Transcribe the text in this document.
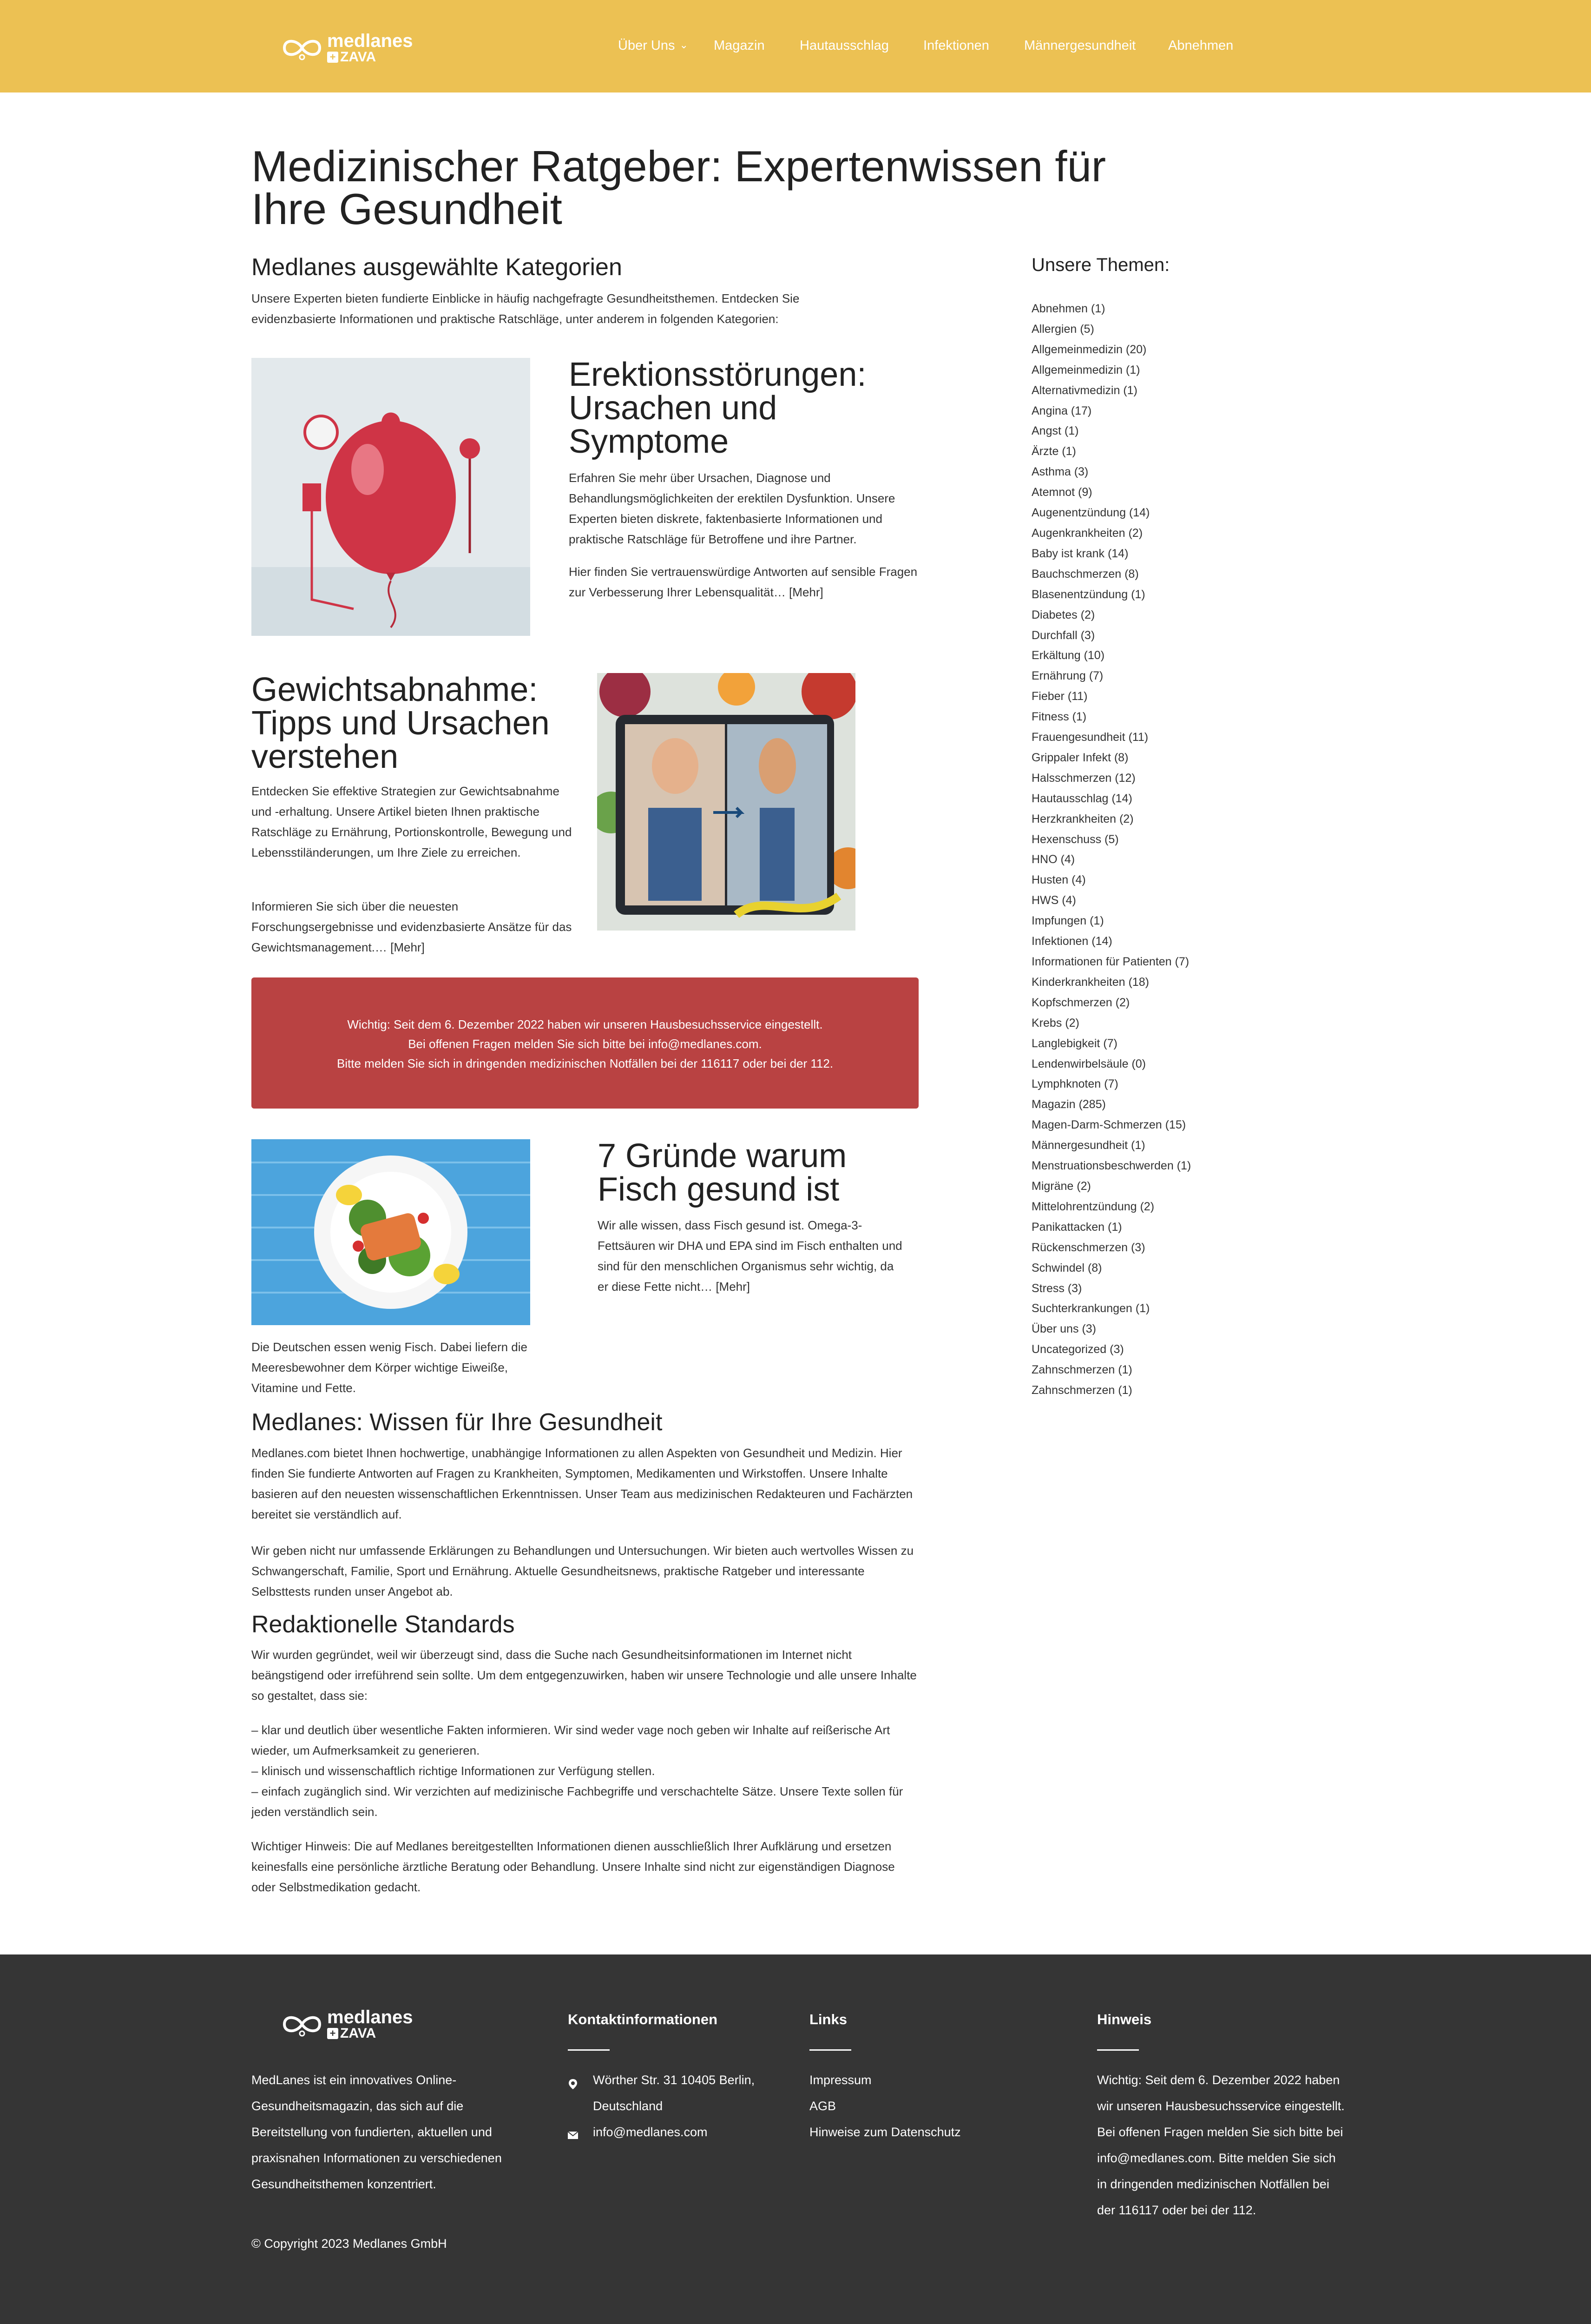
medlanes
+ ZAVA
Über Uns ⌄ Magazin	Hautausschlag	Infektionen	Männergesundheit Abnehmen
Medizinischer Ratgeber: Expertenwissen für Ihre Gesundheit
Medlanes ausgewählte Kategorien

Unsere Experten bieten fundierte Einblicke in häufig nachgefragte Gesundheitsthemen. Entdecken Sie evidenzbasierte Informationen und praktische Ratschläge, unter anderem in folgenden Kategorien:

Erektionsstörungen: Ursachen und Symptome

Erfahren Sie mehr über Ursachen, Diagnose und Behandlungsmöglichkeiten der erektilen Dysfunktion. Unsere Experten bieten diskrete, faktenbasierte Informationen und praktische Ratschläge für Betroffene und ihre Partner.

Hier finden Sie vertrauenswürdige Antworten auf sensible Fragen zur Verbesserung Ihrer Lebensqualität… [Mehr]

Gewichtsabnahme: Tipps und Ursachen verstehen

Entdecken Sie effektive Strategien zur Gewichtsabnahme und -erhaltung. Unsere Artikel bieten Ihnen praktische Ratschläge zu Ernährung, Portionskontrolle, Bewegung und Lebensstiländerungen, um Ihre Ziele zu erreichen.

Informieren Sie sich über die neuesten Forschungsergebnisse und evidenzbasierte Ansätze für das Gewichtsmanagement.… [Mehr]

Wichtig: Seit dem 6. Dezember 2022 haben wir unseren Hausbesuchsservice eingestellt.
Bei offenen Fragen melden Sie sich bitte bei info@medlanes.com.
Bitte melden Sie sich in dringenden medizinischen Notfällen bei der 116117 oder bei der 112.
7 Gründe warum Fisch gesund ist

Wir alle wissen, dass Fisch gesund ist. Omega-3-Fettsäuren wir DHA und EPA sind im Fisch enthalten und sind für den menschlichen Organismus sehr wichtig, da er diese Fette nicht… [Mehr]

Die Deutschen essen wenig Fisch. Dabei liefern die Meeresbewohner dem Körper wichtige Eiweiße, Vitamine und Fette.

Medlanes: Wissen für Ihre Gesundheit

Medlanes.com bietet Ihnen hochwertige, unabhängige Informationen zu allen Aspekten von Gesundheit und Medizin. Hier finden Sie fundierte Antworten auf Fragen zu Krankheiten, Symptomen, Medikamenten und Wirkstoffen. Unsere Inhalte basieren auf den neuesten wissenschaftlichen Erkenntnissen. Unser Team aus medizinischen Redakteuren und Fachärzten bereitet sie verständlich auf.

Wir geben nicht nur umfassende Erklärungen zu Behandlungen und Untersuchungen. Wir bieten auch wertvolles Wissen zu Schwangerschaft, Familie, Sport und Ernährung. Aktuelle Gesundheitsnews, praktische Ratgeber und interessante Selbsttests runden unser Angebot ab.

Redaktionelle Standards

Wir wurden gegründet, weil wir überzeugt sind, dass die Suche nach Gesundheitsinformationen im Internet nicht beängstigend oder irreführend sein sollte. Um dem entgegenzuwirken, haben wir unsere Technologie und alle unsere Inhalte so gestaltet, dass sie:

– klar und deutlich über wesentliche Fakten informieren. Wir sind weder vage noch geben wir Inhalte auf reißerische Art wieder, um Aufmerksamkeit zu generieren.
– klinisch und wissenschaftlich richtige Informationen zur Verfügung stellen.
– einfach zugänglich sind. Wir verzichten auf medizinische Fachbegriffe und verschachtelte Sätze. Unsere Texte sollen für jeden verständlich sein.

Wichtiger Hinweis: Die auf Medlanes bereitgestellten Informationen dienen ausschließlich Ihrer Aufklärung und ersetzen keinesfalls eine persönliche ärztliche Beratung oder Behandlung. Unsere Inhalte sind nicht zur eigenständigen Diagnose oder Selbstmedikation gedacht.

Unsere Themen:
Abnehmen (1)
Allergien (5)
Allgemeinmedizin (20)
Allgemeinmedizin (1)
Alternativmedizin (1)
Angina (17)
Angst (1)
Ärzte (1)
Asthma (3)
Atemnot (9)
Augenentzündung (14)
Augenkrankheiten (2)
Baby ist krank (14)
Bauchschmerzen (8)
Blasenentzündung (1)
Diabetes (2)
Durchfall (3)
Erkältung (10)
Ernährung (7)
Fieber (11)
Fitness (1)
Frauengesundheit (11)
Grippaler Infekt (8)
Halsschmerzen (12)
Hautausschlag (14)
Herzkrankheiten (2)
Hexenschuss (5)
HNO (4)
Husten (4)
HWS (4)
Impfungen (1)
Infektionen (14)
Informationen für Patienten (7)
Kinderkrankheiten (18)
Kopfschmerzen (2)
Krebs (2)
Langlebigkeit (7)
Lendenwirbelsäule (0)
Lymphknoten (7)
Magazin (285)
Magen-Darm-Schmerzen (15)
Männergesundheit (1)
Menstruationsbeschwerden (1)
Migräne (2)
Mittelohrentzündung (2)
Panikattacken (1)
Rückenschmerzen (3)
Schwindel (8)
Stress (3)
Suchterkrankungen (1)
Über uns (3)
Uncategorized (3)
Zahnschmerzen (1)
Zahnschmerzen (1)
medlanes
+ ZAVA

MedLanes ist ein innovatives Online-Gesundheitsmagazin, das sich auf die Bereitstellung von fundierten, aktuellen und praxisnahen Informationen zu verschiedenen Gesundheitsthemen konzentriert.

© Copyright 2023 Medlanes GmbH

Kontaktinformationen

Wörther Str. 31 10405 Berlin, Deutschland

info@medlanes.com

Links

Impressum

AGB

Hinweise zum Datenschutz

Hinweis

Wichtig: Seit dem 6. Dezember 2022 haben wir unseren Hausbesuchsservice eingestellt. Bei offenen Fragen melden Sie sich bitte bei info@medlanes.com. Bitte melden Sie sich in dringenden medizinischen Notfällen bei der 116117 oder bei der 112.
